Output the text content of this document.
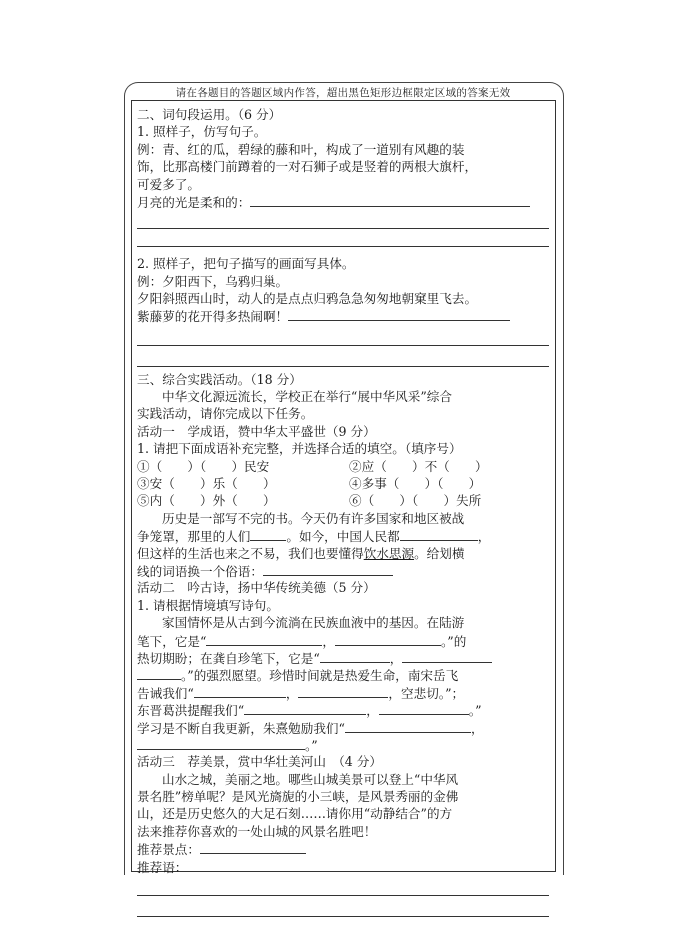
请在各题目的答题区域内作答，超出黑色矩形边框限定区域的答案无效
二、词句段运用。（6 分）
1. 照样子，仿写句子。
例：青、红的瓜，碧绿的藤和叶，构成了一道别有风趣的装
饰，比那高楼门前蹲着的一对石狮子或是竖着的两根大旗杆，
可爱多了。
月亮的光是柔和的：
2. 照样子，把句子描写的画面写具体。
例：夕阳西下，乌鸦归巢。
夕阳斜照西山时，动人的是点点归鸦急急匆匆地朝窠里飞去。
紫藤萝的花开得多热闹啊！
三、综合实践活动。（18 分）
中华文化源远流长，学校正在举行“展中华风采”综合
实践活动，请你完成以下任务。
活动一　学成语，赞中华太平盛世（9 分）
1. 请把下面成语补充完整，并选择合适的填空。（填序号）
①（　　）（　　）民安	②应（　　）不（　　）
③安（　　）乐（　　）	④多事（　　）（　　）
⑤内（　　）外（　　）	⑥（　　）（　　）失所
历史是一部写不完的书。今天仍有许多国家和地区被战
争笼罩，那里的人们	。如今，中国人民都	，
但这样的生活也来之不易，我们也要懂得饮水思源。给划横
线的词语换一个俗语：
活动二　吟古诗，扬中华传统美德（5 分）
1. 请根据情境填写诗句。
家国情怀是从古到今流淌在民族血液中的基因。在陆游
笔下，它是“	，	。”的
热切期盼；在龚自珍笔下，它是“	，
。”的强烈愿望。珍惜时间就是热爱生命，南宋岳飞
告诫我们“	，	，空悲切。”；
东晋葛洪提醒我们“	，	。”
学习是不断自我更新，朱熹勉励我们“	，
。”
活动三　荐美景，赏中华壮美河山　（4 分）
山水之城，美丽之地。哪些山城美景可以登上“中华风
景名胜”榜单呢？是风光旖旎的小三峡，是风景秀丽的金佛
山，还是历史悠久的大足石刻……请你用“动静结合”的方
法来推荐你喜欢的一处山城的风景名胜吧！
推荐景点：
推荐语：
